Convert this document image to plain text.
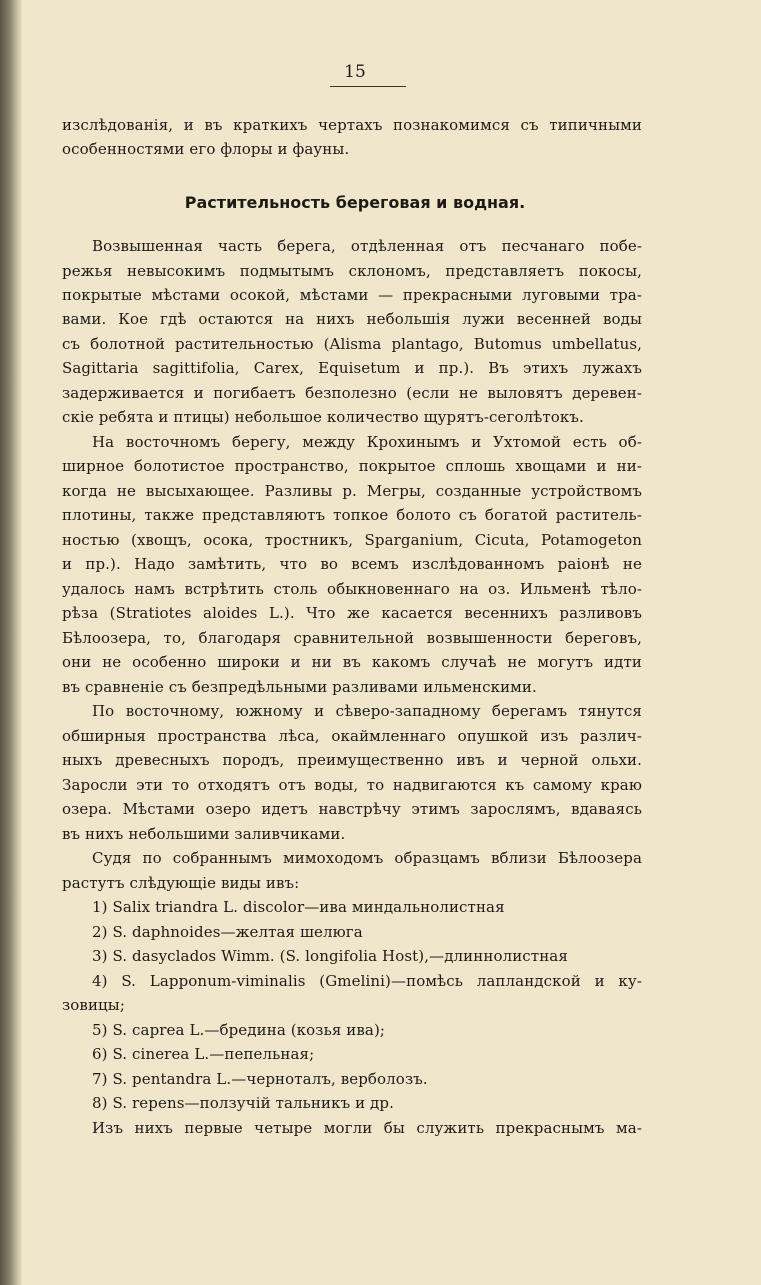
15
изслѣдованія, и въ краткихъ чертахъ познакомимся съ типичными
особенностями его флоры и фауны.
Растительность береговая и водная.
Возвышенная часть берега, отдѣленная отъ песчанаго побе-
режья невысокимъ подмытымъ склономъ, представляетъ покосы,
покрытые мѣстами осокой, мѣстами — прекрасными луговыми тра-
вами. Кое гдѣ остаются на нихъ небольшія лужи весенней воды
съ болотной растительностью (Alisma plantago, Butomus umbellatus,
Sagittaria sagittifolia, Carex, Equisetum и пр.). Въ этихъ лужахъ
задерживается и погибаетъ безполезно (если не выловятъ деревен-
скіе ребята и птицы) небольшое количество щурятъ-сеголѣтокъ.
На восточномъ берегу, между Крохинымъ и Ухтомой есть об-
ширное болотистое пространство, покрытое сплошь хвощами и ни-
когда не высыхающее. Разливы р. Мегры, созданные устройствомъ
плотины, также представляютъ топкое болото съ богатой раститель-
ностью (хвощъ, осока, тростникъ, Sparganium, Cicuta, Potamogeton
и пр.). Надо замѣтить, что во всемъ изслѣдованномъ раіонѣ не
удалось намъ встрѣтить столь обыкновеннаго на оз. Ильменѣ тѣло-
рѣза (Stratiotes aloides L.). Что же касается весеннихъ разливовъ
Бѣлоозера, то, благодаря сравнительной возвышенности береговъ,
они не особенно широки и ни въ какомъ случаѣ не могутъ идти
въ сравненіе съ безпредѣльными разливами ильменскими.
По восточному, южному и сѣверо-западному берегамъ тянутся
обширныя пространства лѣса, окаймленнаго опушкой изъ различ-
ныхъ древесныхъ породъ, преимущественно ивъ и черной ольхи.
Заросли эти то отходятъ отъ воды, то надвигаются къ самому краю
озера. Мѣстами озеро идетъ навстрѣчу этимъ зарослямъ, вдаваясь
въ нихъ небольшими заливчиками.
Судя по собраннымъ мимоходомъ образцамъ вблизи Бѣлоозера
растутъ слѣдующіе виды ивъ:
1) Salix triandra L. discolor—ива миндальнолистная
2) S. daphnoides—желтая шелюга
3) S. dasyclados Wimm. (S. longifolia Host),—длиннолистная
4) S. Lapponum-viminalis (Gmelini)—помѣсь лапландской и ку-
зовицы;
5) S. caprea L.—бредина (козья ива);
6) S. cinerea L.—пепельная;
7) S. pentandra L.—черноталъ, верболозъ.
8) S. repens—ползучій тальникъ и др.
Изъ нихъ первые четыре могли бы служить прекраснымъ ма-
